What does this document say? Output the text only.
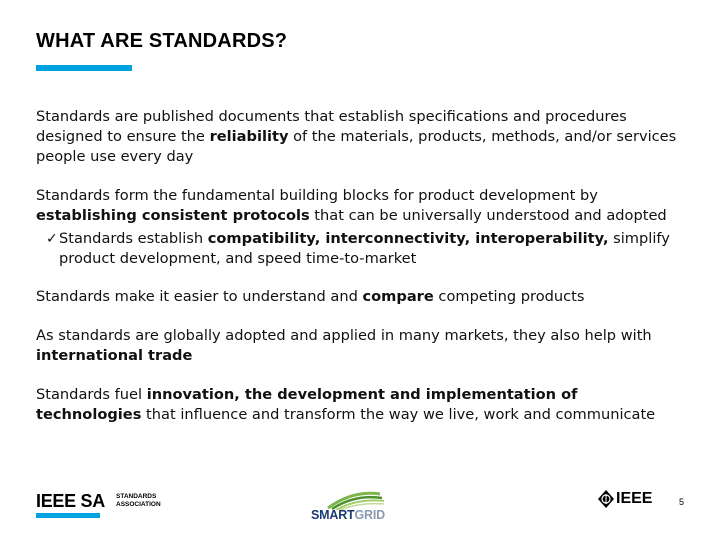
WHAT ARE STANDARDS?

Standards are published documents that establish specifications and procedures designed to ensure the reliability of the materials, products, methods, and/or services people use every day

Standards form the fundamental building blocks for product development by establishing consistent protocols that can be universally understood and adopted

✓ Standards establish compatibility, interconnectivity, interoperability, simplify product development, and speed time-to-market

Standards make it easier to understand and compare competing products

As standards are globally adopted and applied in many markets, they also help with international trade

Standards fuel innovation, the development and implementation of technologies that influence and transform the way we live, work and communicate

IEEE SA STANDARDS
ASSOCIATION
SMARTGRID
IEEE	5
